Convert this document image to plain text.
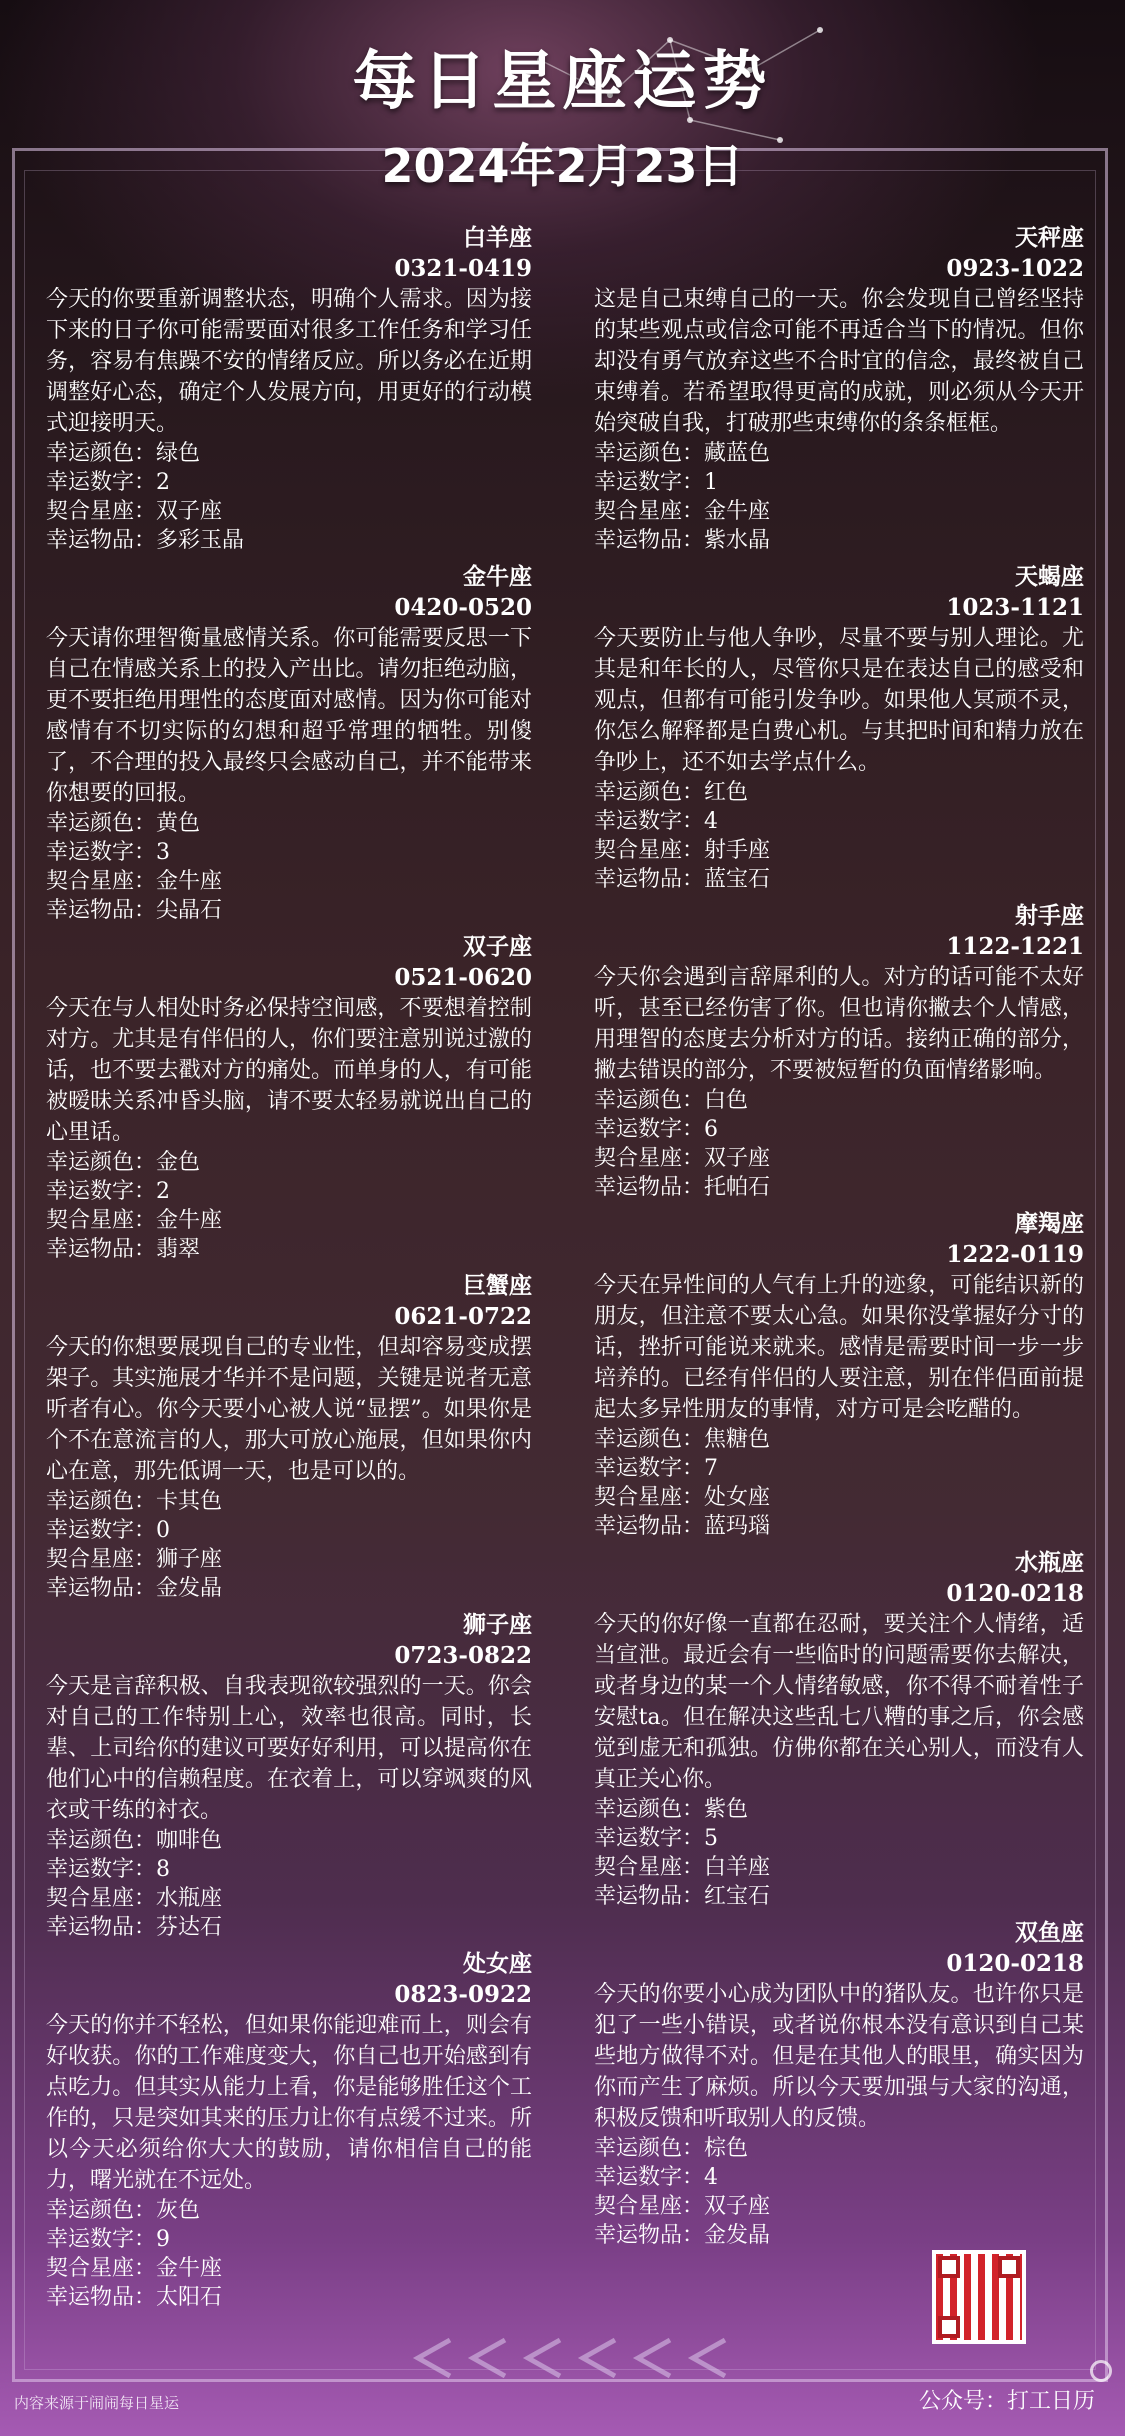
每日星座运势
2024年2月23日
白羊座
0321-0419
今天的你要重新调整状态，明确个人需求。因为接下来的日子你可能需要面对很多工作任务和学习任务，容易有焦躁不安的情绪反应。所以务必在近期调整好心态，确定个人发展方向，用更好的行动模式迎接明天。
幸运颜色：绿色
幸运数字：2
契合星座：双子座
幸运物品：多彩玉晶
金牛座
0420-0520
今天请你理智衡量感情关系。你可能需要反思一下自己在情感关系上的投入产出比。请勿拒绝动脑，更不要拒绝用理性的态度面对感情。因为你可能对感情有不切实际的幻想和超乎常理的牺牲。别傻了，不合理的投入最终只会感动自己，并不能带来你想要的回报。
幸运颜色：黄色
幸运数字：3
契合星座：金牛座
幸运物品：尖晶石
双子座
0521-0620
今天在与人相处时务必保持空间感，不要想着控制对方。尤其是有伴侣的人，你们要注意别说过激的话，也不要去戳对方的痛处。而单身的人，有可能被暧昧关系冲昏头脑，请不要太轻易就说出自己的心里话。
幸运颜色：金色
幸运数字：2
契合星座：金牛座
幸运物品：翡翠
巨蟹座
0621-0722
今天的你想要展现自己的专业性，但却容易变成摆架子。其实施展才华并不是问题，关键是说者无意听者有心。你今天要小心被人说“显摆”。如果你是个不在意流言的人，那大可放心施展，但如果你内心在意，那先低调一天，也是可以的。
幸运颜色：卡其色
幸运数字：0
契合星座：狮子座
幸运物品：金发晶
狮子座
0723-0822
今天是言辞积极、自我表现欲较强烈的一天。你会对自己的工作特别上心，效率也很高。同时，长辈、上司给你的建议可要好好利用，可以提高你在他们心中的信赖程度。在衣着上，可以穿飒爽的风衣或干练的衬衣。
幸运颜色：咖啡色
幸运数字：8
契合星座：水瓶座
幸运物品：芬达石
处女座
0823-0922
今天的你并不轻松，但如果你能迎难而上，则会有好收获。你的工作难度变大，你自己也开始感到有点吃力。但其实从能力上看，你是能够胜任这个工作的，只是突如其来的压力让你有点缓不过来。所以今天必须给你大大的鼓励，请你相信自己的能力，曙光就在不远处。
幸运颜色：灰色
幸运数字：9
契合星座：金牛座
幸运物品：太阳石
天秤座
0923-1022
这是自己束缚自己的一天。你会发现自己曾经坚持的某些观点或信念可能不再适合当下的情况。但你却没有勇气放弃这些不合时宜的信念，最终被自己束缚着。若希望取得更高的成就，则必须从今天开始突破自我，打破那些束缚你的条条框框。
幸运颜色：藏蓝色
幸运数字：1
契合星座：金牛座
幸运物品：紫水晶
天蝎座
1023-1121
今天要防止与他人争吵，尽量不要与别人理论。尤其是和年长的人，尽管你只是在表达自己的感受和观点，但都有可能引发争吵。如果他人冥顽不灵，你怎么解释都是白费心机。与其把时间和精力放在争吵上，还不如去学点什么。
幸运颜色：红色
幸运数字：4
契合星座：射手座
幸运物品：蓝宝石
射手座
1122-1221
今天你会遇到言辞犀利的人。对方的话可能不太好听，甚至已经伤害了你。但也请你撇去个人情感，用理智的态度去分析对方的话。接纳正确的部分，撇去错误的部分，不要被短暂的负面情绪影响。
幸运颜色：白色
幸运数字：6
契合星座：双子座
幸运物品：托帕石
摩羯座
1222-0119
今天在异性间的人气有上升的迹象，可能结识新的朋友，但注意不要太心急。如果你没掌握好分寸的话，挫折可能说来就来。感情是需要时间一步一步培养的。已经有伴侣的人要注意，别在伴侣面前提起太多异性朋友的事情，对方可是会吃醋的。
幸运颜色：焦糖色
幸运数字：7
契合星座：处女座
幸运物品：蓝玛瑙
水瓶座
0120-0218
今天的你好像一直都在忍耐，要关注个人情绪，适当宣泄。最近会有一些临时的问题需要你去解决，或者身边的某一个人情绪敏感，你不得不耐着性子安慰ta。但在解决这些乱七八糟的事之后，你会感觉到虚无和孤独。仿佛你都在关心别人，而没有人真正关心你。
幸运颜色：紫色
幸运数字：5
契合星座：白羊座
幸运物品：红宝石
双鱼座
0120-0218
今天的你要小心成为团队中的猪队友。也许你只是犯了一些小错误，或者说你根本没有意识到自己某些地方做得不对。但是在其他人的眼里，确实因为你而产生了麻烦。所以今天要加强与大家的沟通，积极反馈和听取别人的反馈。
幸运颜色：棕色
幸运数字：4
契合星座：双子座
幸运物品：金发晶
内容来源于闹闹每日星运	公众号：打工日历
